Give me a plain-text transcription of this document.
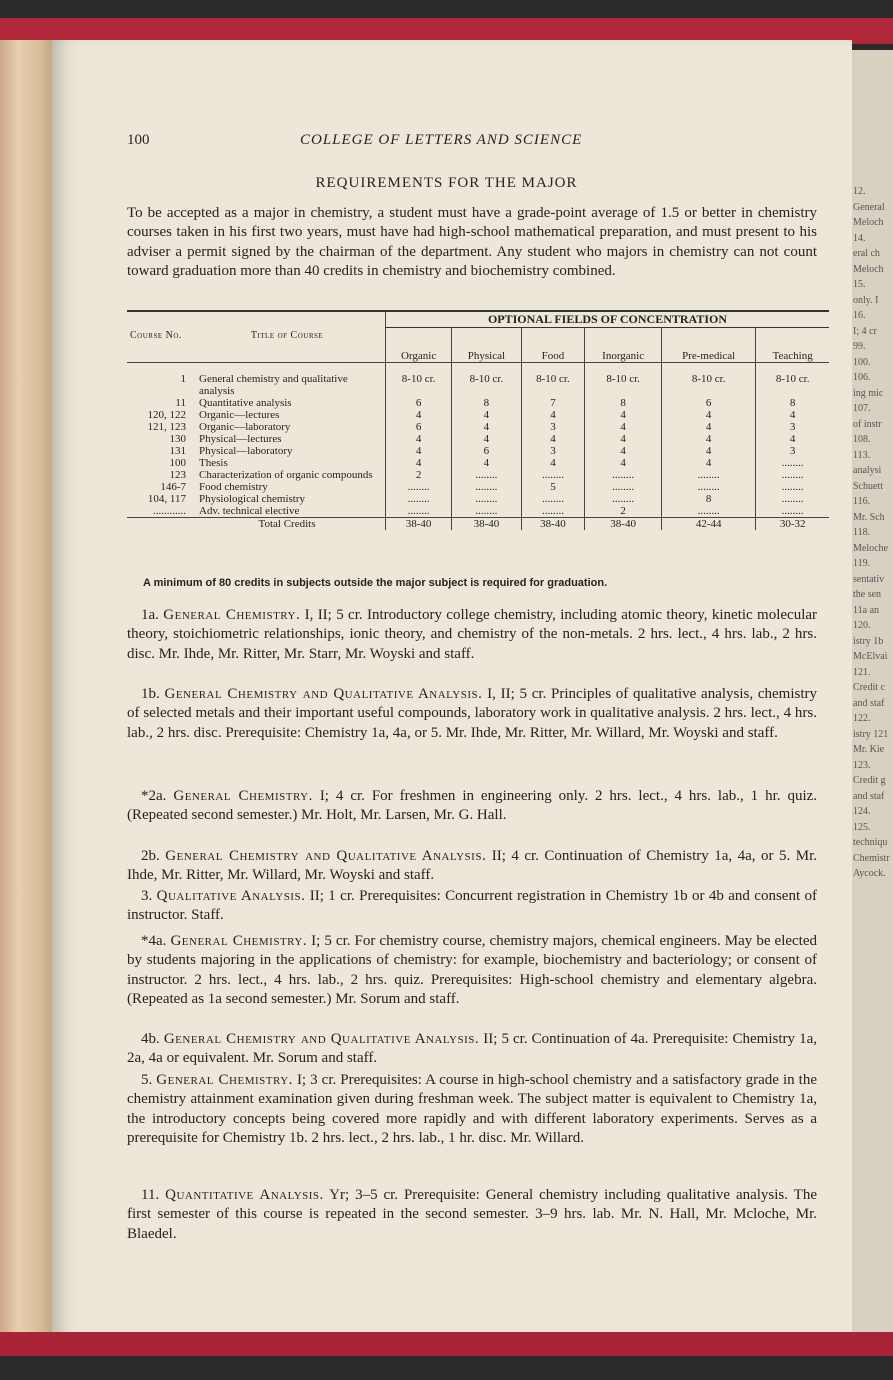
12.
General
Meloch
14.
eral ch
Meloch
15.
only. I
16.
I; 4 cr
99.
100.
106.
ing mic
107.
of instr
108.
113.
analysi
Schuett
116.
Mr. Sch
118.
Meloche
119.
sentativ
the sen
11a an
120.
istry 1b
McElvai
121.
Credit c
and staf
122.
istry 121
Mr. Kie
123.
Credit g
and staf
124.
125.
techniqu
Chemistr
Aycock.
100	COLLEGE OF LETTERS AND SCIENCE
REQUIREMENTS FOR THE MAJOR
To be accepted as a major in chemistry, a student must have a grade-point average of 1.5 or better in chemistry courses taken in his first two years, must have had high-school mathematical preparation, and must present to his adviser a permit signed by the chairman of the department. Any student who majors in chemistry can not count toward graduation more than 40 credits in chemistry and biochemistry combined.
Course No.	Title of Course	OPTIONAL FIELDS OF CONCENTRATION					
		Organic	Physical	Food	Inorganic	Pre-medical	Teaching
1	General chemistry and qualitative analysis	8-10 cr.	8-10 cr.	8-10 cr.	8-10 cr.	8-10 cr.	8-10 cr.
11	Quantitative analysis	6	8	7	8	6	8
120, 122	Organic—lectures	4	4	4	4	4	4
121, 123	Organic—laboratory	6	4	3	4	4	3
130	Physical—lectures	4	4	4	4	4	4
131	Physical—laboratory	4	6	3	4	4	3
100	Thesis	4	4	4	4	4	........
123	Characterization of organic compounds	2	........	........	........	........	........
146-7	Food chemistry	........	........	5	........	........	........
104, 117	Physiological chemistry	........	........	........	........	8	........
............	Adv. technical elective	........	........	........	2	........	........
	Total Credits	38-40	38-40	38-40	38-40	42-44	30-32
A minimum of 80 credits in subjects outside the major subject is required for graduation.
1a. General Chemistry. I, II; 5 cr. Introductory college chemistry, including atomic theory, kinetic molecular theory, stoichiometric relationships, ionic theory, and chemistry of the non-metals. 2 hrs. lect., 4 hrs. lab., 2 hrs. disc. Mr. Ihde, Mr. Ritter, Mr. Starr, Mr. Woyski and staff.
1b. General Chemistry and Qualitative Analysis. I, II; 5 cr. Principles of qualitative analysis, chemistry of selected metals and their important useful compounds, laboratory work in qualitative analysis. 2 hrs. lect., 4 hrs. lab., 2 hrs. disc. Prerequisite: Chemistry 1a, 4a, or 5. Mr. Ihde, Mr. Ritter, Mr. Willard, Mr. Woyski and staff.
*2a. General Chemistry. I; 4 cr. For freshmen in engineering only. 2 hrs. lect., 4 hrs. lab., 1 hr. quiz. (Repeated second semester.) Mr. Holt, Mr. Larsen, Mr. G. Hall.
2b. General Chemistry and Qualitative Analysis. II; 4 cr. Continuation of Chemistry 1a, 4a, or 5. Mr. Ihde, Mr. Ritter, Mr. Willard, Mr. Woyski and staff.
3. Qualitative Analysis. II; 1 cr. Prerequisites: Concurrent registration in Chemistry 1b or 4b and consent of instructor. Staff.
*4a. General Chemistry. I; 5 cr. For chemistry course, chemistry majors, chemical engineers. May be elected by students majoring in the applications of chemistry: for example, biochemistry and bacteriology; or consent of instructor. 2 hrs. lect., 4 hrs. lab., 2 hrs. quiz. Prerequisites: High-school chemistry and elementary algebra. (Repeated as 1a second semester.) Mr. Sorum and staff.
4b. General Chemistry and Qualitative Analysis. II; 5 cr. Continuation of 4a. Prerequisite: Chemistry 1a, 2a, 4a or equivalent. Mr. Sorum and staff.
5. General Chemistry. I; 3 cr. Prerequisites: A course in high-school chemistry and a satisfactory grade in the chemistry attainment examination given during freshman week. The subject matter is equivalent to Chemistry 1a, the introductory concepts being covered more rapidly and with different laboratory experiments. Serves as a prerequisite for Chemistry 1b. 2 hrs. lect., 2 hrs. lab., 1 hr. disc. Mr. Willard.
11. Quantitative Analysis. Yr; 3–5 cr. Prerequisite: General chemistry including qualitative analysis. The first semester of this course is repeated in the second semester. 3–9 hrs. lab. Mr. N. Hall, Mr. Mcloche, Mr. Blaedel.
